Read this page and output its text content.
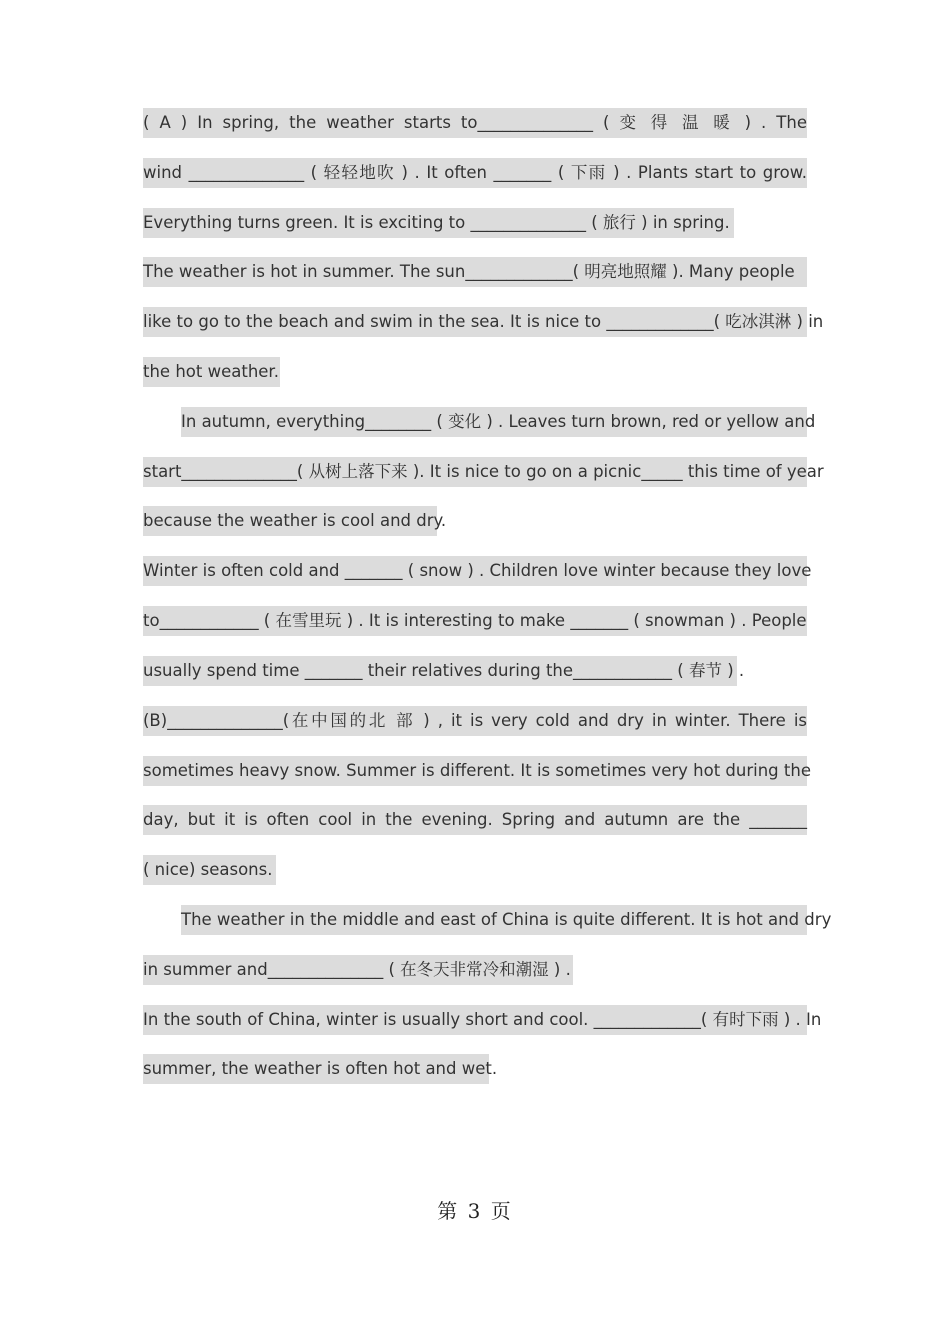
( A ) In spring, the weather starts to______________ ( 变 得 温 暖 ) . The
wind ______________ ( 轻轻地吹 ) . It often _______ ( 下雨 ) . Plants start to grow.
Everything turns green. It is exciting to ______________ ( 旅行 ) in spring.
The weather is hot in summer. The sun_____________( 明亮地照耀 ). Many people
like to go to the beach and swim in the sea. It is nice to _____________( 吃冰淇淋 ) in
the hot weather.
In autumn, everything________ ( 变化 ) . Leaves turn brown, red or yellow and
start______________( 从树上落下来 ). It is nice to go on a picnic_____ this time of year
because the weather is cool and dry.
Winter is often cold and _______ ( snow ) . Children love winter because they love
to____________ ( 在雪里玩 ) . It is interesting to make _______ ( snowman ) . People
usually spend time _______ their relatives during the____________ ( 春节 ) .
(B)______________(在中国的北 部 ) , it is very cold and dry in winter. There is
sometimes heavy snow. Summer is different. It is sometimes very hot during the
day, but it is often cool in the evening. Spring and autumn are the _______
( nice) seasons.
The weather in the middle and east of China is quite different. It is hot and dry
in summer and______________ ( 在冬天非常冷和潮湿 ) .
In the south of China, winter is usually short and cool. _____________( 有时下雨 ) . In
summer, the weather is often hot and wet.
第 3 页
